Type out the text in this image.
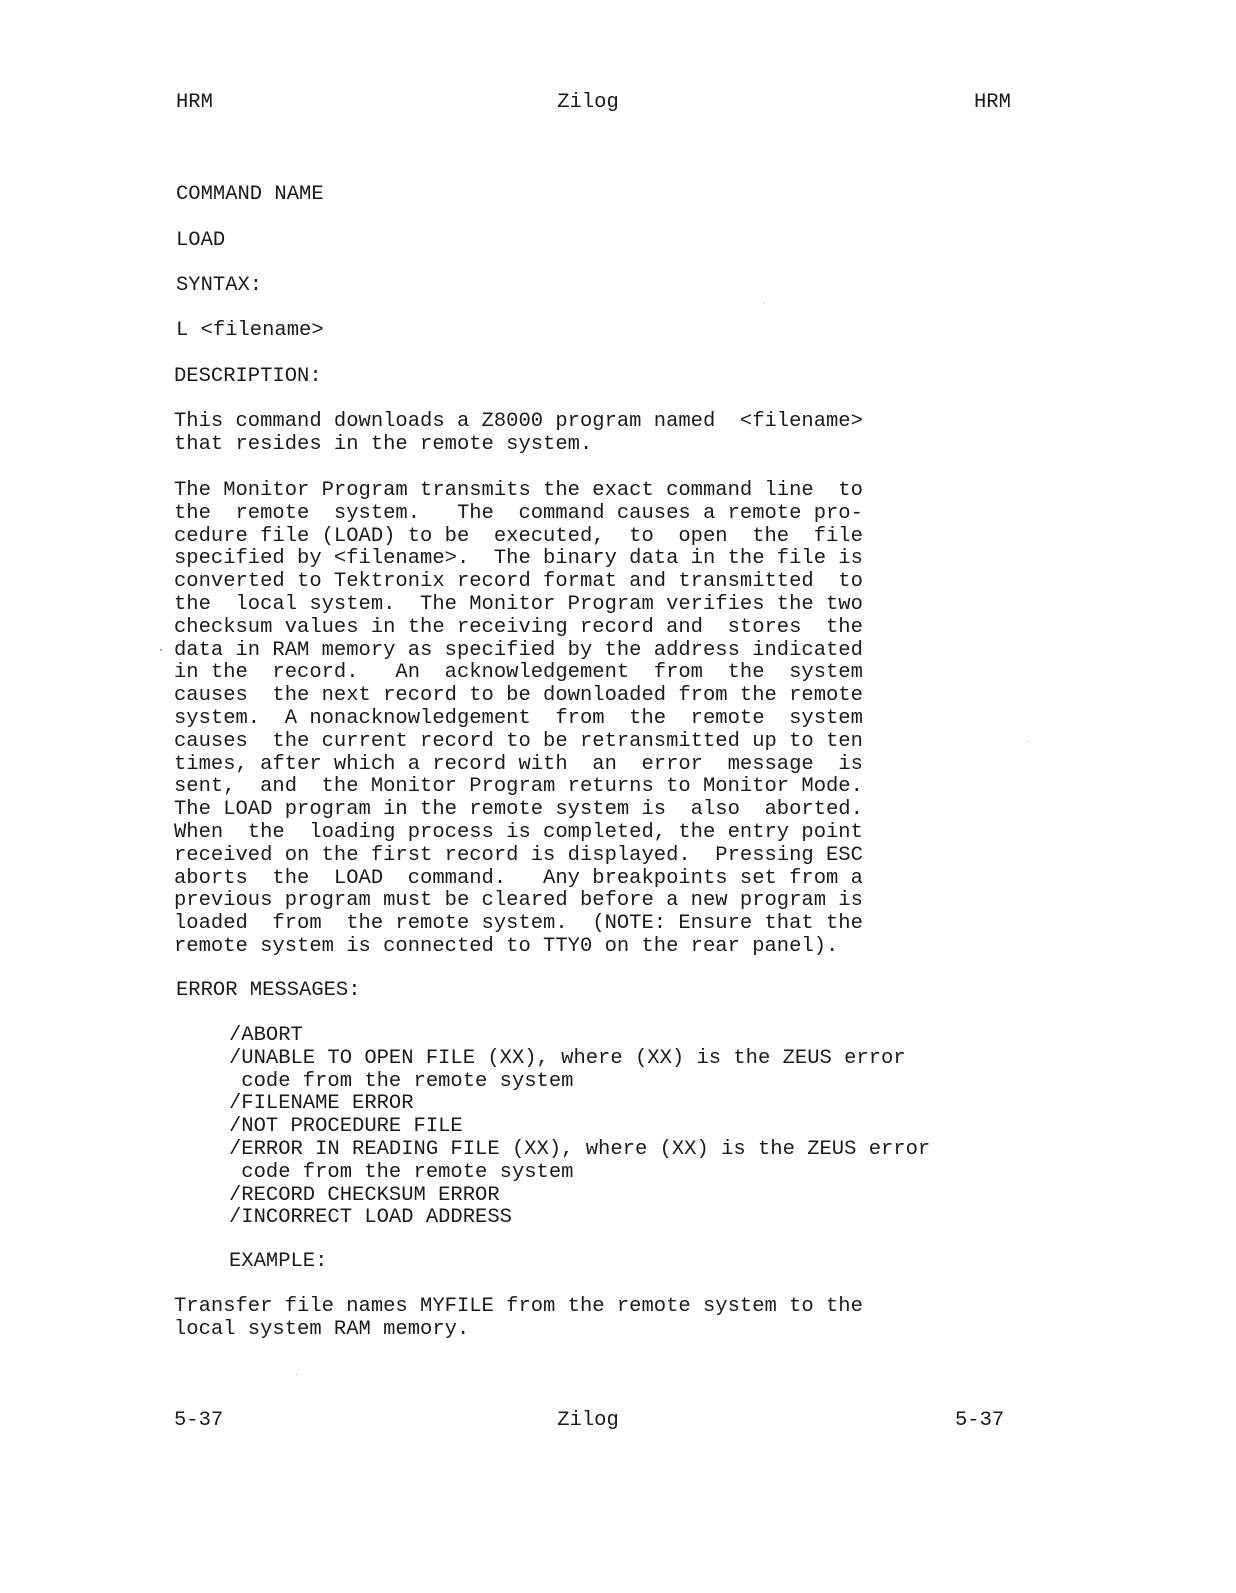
HRM	Zilog	HRM

COMMAND NAME

LOAD

SYNTAX:

L <filename>

DESCRIPTION:

This command downloads a Z8000 program named  <filename>
that resides in the remote system.

The Monitor Program transmits the exact command line  to
the  remote  system.   The  command causes a remote pro-
cedure file (LOAD) to be  executed,  to  open  the  file
specified by <filename>.  The binary data in the file is
converted to Tektronix record format and transmitted  to
the  local system.  The Monitor Program verifies the two
checksum values in the receiving record and  stores  the
data in RAM memory as specified by the address indicated
in the  record.   An  acknowledgement  from  the  system
causes  the next record to be downloaded from the remote
system.  A nonacknowledgement  from  the  remote  system
causes  the current record to be retransmitted up to ten
times, after which a record with  an  error  message  is
sent,  and  the Monitor Program returns to Monitor Mode.
The LOAD program in the remote system is  also  aborted.
When  the  loading process is completed, the entry point
received on the first record is displayed.  Pressing ESC
aborts  the  LOAD  command.   Any breakpoints set from a
previous program must be cleared before a new program is
loaded  from  the remote system.  (NOTE: Ensure that the
remote system is connected to TTY0 on the rear panel).

ERROR MESSAGES:

/ABORT
/UNABLE TO OPEN FILE (XX), where (XX) is the ZEUS error
code from the remote system
/FILENAME ERROR
/NOT PROCEDURE FILE
/ERROR IN READING FILE (XX), where (XX) is the ZEUS error
code from the remote system
/RECORD CHECKSUM ERROR
/INCORRECT LOAD ADDRESS

EXAMPLE:

Transfer file names MYFILE from the remote system to the
local system RAM memory.

5-37	Zilog	5-37
